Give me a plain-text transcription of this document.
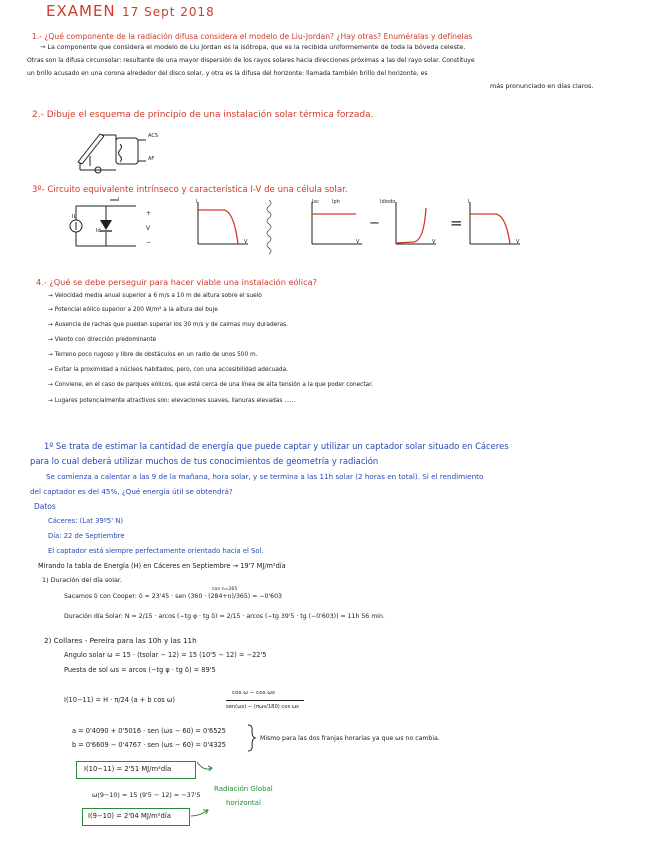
EXAMEN 17 Sept 2018
1.- ¿Qué componente de la radiación difusa considera el modelo de Liu-Jordan? ¿Hay otras? Enuméralas y defínelas
→ La componente que considera el modelo de Liu Jordan es la isótropa, que es la recibida uniformemente de toda la bóveda celeste.
Otras son la difusa circunsolar: resultante de una mayor dispersión de los rayos solares hacia direcciones próximas a las del rayo solar. Constituye
un brillo acusado en una corona alrededor del disco solar, y otra es la difusa del horizonte: llamada también brillo del horizonte, es
más pronunciado en días claros.
2.- Dibuje el esquema de principio de una instalación solar térmica forzada.
ACS
AF
3º- Circuito equivalente intrínseco y característica I-V de una célula solar.
IL
Id
I
+
V
−
I
V
Isc	Iph
V
−
Idiodo
V
=
I
V
4.- ¿Qué se debe perseguir para hacer viable una instalación eólica?
→ Velocidad media anual superior a 6 m/s a 10 m de altura sobre el suelo
→ Potencial eólico superior a 200 W/m² a la altura del buje
→ Ausencia de rachas que puedan superar los 30 m/s y de calmas muy duraderas.
→ Viento con dirección predominante
→ Terreno poco rugoso y libre de obstáculos en un radio de unos 500 m.
→ Evitar la proximidad a núcleos habitados, pero, con una accesibilidad adecuada.
→ Conviene, en el caso de parques eólicos, que esté cerca de una línea de alta tensión a la que poder conectar.
→ Lugares potencialmente atractivos son: elevaciones suaves, llanuras elevadas ......
1º Se trata de estimar la cantidad de energía que puede captar y utilizar un captador solar situado en Cáceres
para lo cual deberá utilizar muchos de tus conocimientos de geometría y radiación
Se comienza a calentar a las 9 de la mañana, hora solar, y se termina a las 11h solar (2 horas en total). Si el rendimiento
del captador es del 45%, ¿Qué energía útil se obtendrá?
Datos
Cáceres: (Lat 39º5' N)
Día: 22 de Septiembre
El captador está siempre perfectamente orientado hacia el Sol.
Mirando la tabla de Energía (H) en Cáceres en Septiembre → 19'7 MJ/m²día
1) Duración del día solar.
con n=265
Sacamos δ con Cooper: δ = 23'45 · sen (360 · (284+n)/365) = −0'603
Duración día Solar: N = 2/15 · arcos (−tg φ · tg δ) = 2/15 · arcos (−tg 39'5 · tg (−0'603)) = 11h 56 min.
2) Collares - Pereira para las 10h y las 11h
Angulo solar ω = 15 · (tsolar − 12) = 15 (10'5 − 12) = −22'5
Puesta de sol ωs = arcos (−tg φ · tg δ) = 89'5
I(10−11) = H · π/24 (a + b cos ω)
cos ω − cos ωs
sen(ωs) − (πωs/180) cos ωs
a = 0'4090 + 0'5016 · sen (ωs − 60) = 0'6525
b = 0'6609 − 0'4767 · sen (ωs − 60) = 0'4325
Mismo para las dos franjas horarias ya que ωs no cambia.
I(10−11) = 2'51 MJ/m²día
Radiación Global
horizontal
ω(9−10) = 15 (9'5 − 12) = −37'5
I(9−10) = 2'04 MJ/m²día
